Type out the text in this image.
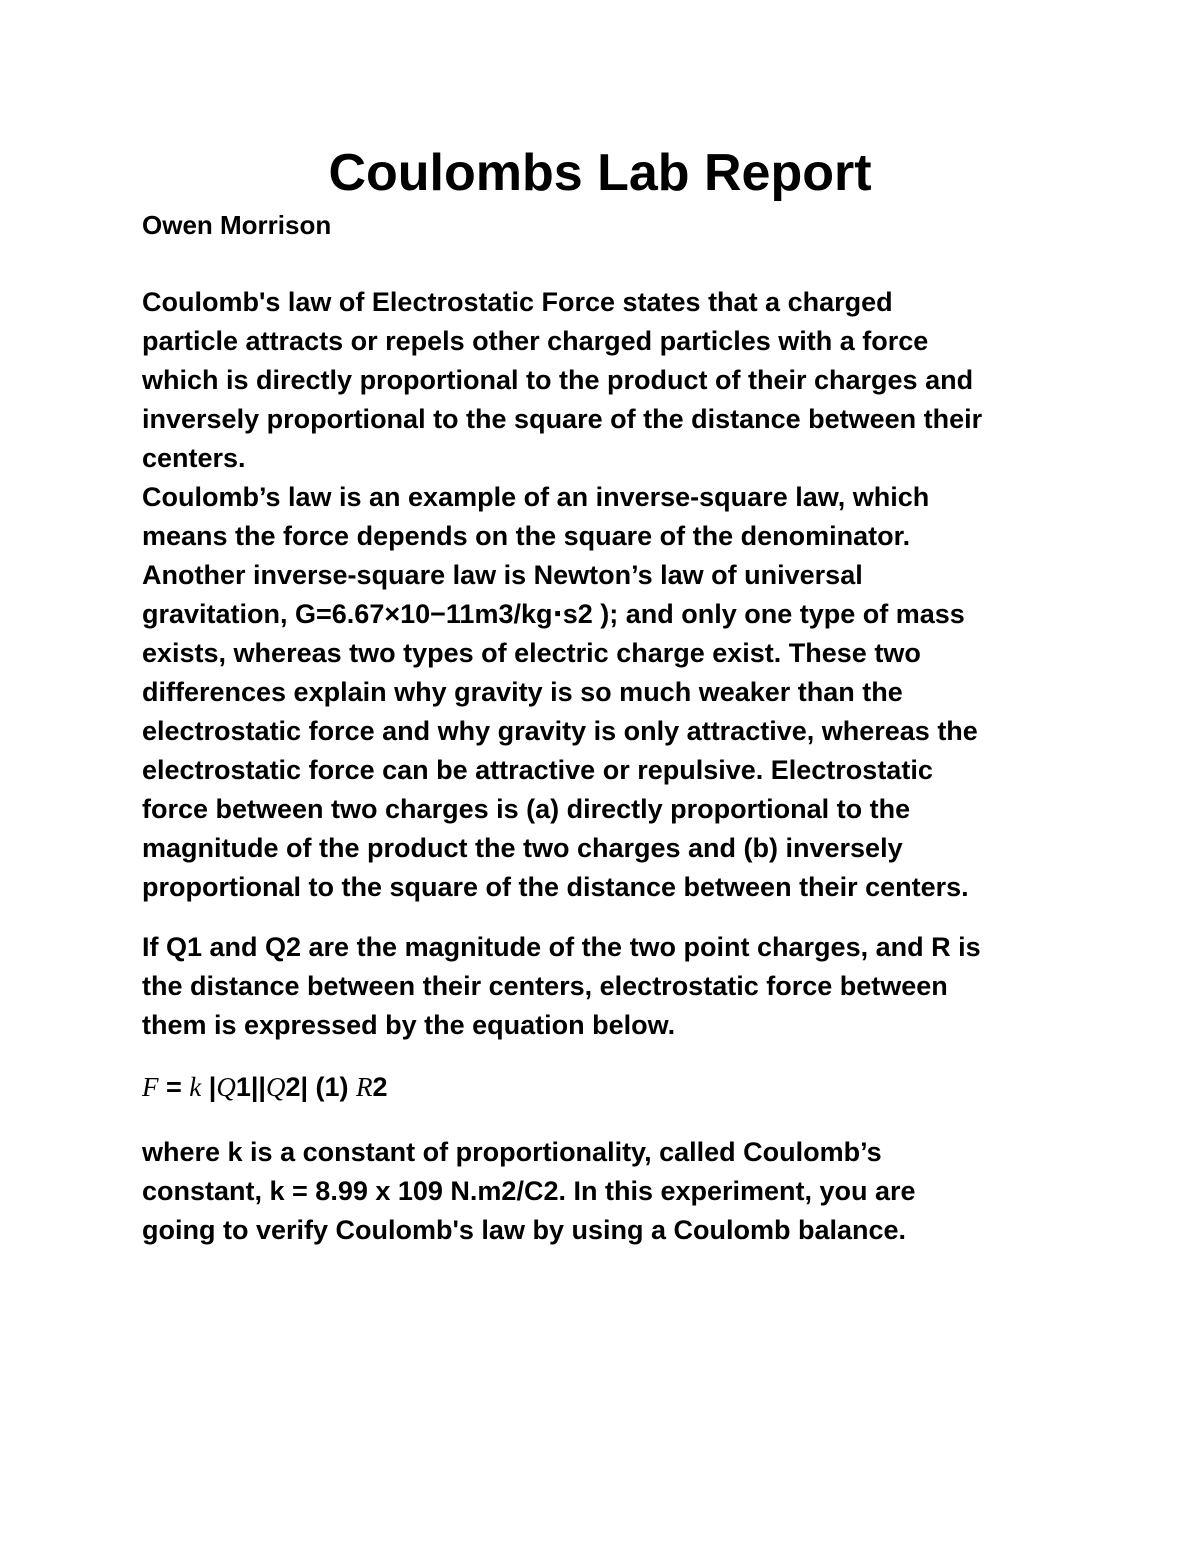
Coulombs Lab Report

Owen Morrison

Coulomb's law of Electrostatic Force states that a charged
particle attracts or repels other charged particles with a force
which is directly proportional to the product of their charges and
inversely proportional to the square of the distance between their
centers.
Coulomb’s law is an example of an inverse-square law, which
means the force depends on the square of the denominator.
Another inverse-square law is Newton’s law of universal
gravitation, G=6.67×10−11m3/kg⋅s2 ); and only one type of mass
exists, whereas two types of electric charge exist. These two
differences explain why gravity is so much weaker than the
electrostatic force and why gravity is only attractive, whereas the
electrostatic force can be attractive or repulsive. Electrostatic
force between two charges is (a) directly proportional to the
magnitude of the product the two charges and (b) inversely
proportional to the square of the distance between their centers.

If Q1 and Q2 are the magnitude of the two point charges, and R is
the distance between their centers, electrostatic force between
them is expressed by the equation below.

F = k |Q1||Q2| (1) R2

where k is a constant of proportionality, called Coulomb’s
constant, k = 8.99 x 109 N.m2/C2. In this experiment, you are
going to verify Coulomb's law by using a Coulomb balance.
